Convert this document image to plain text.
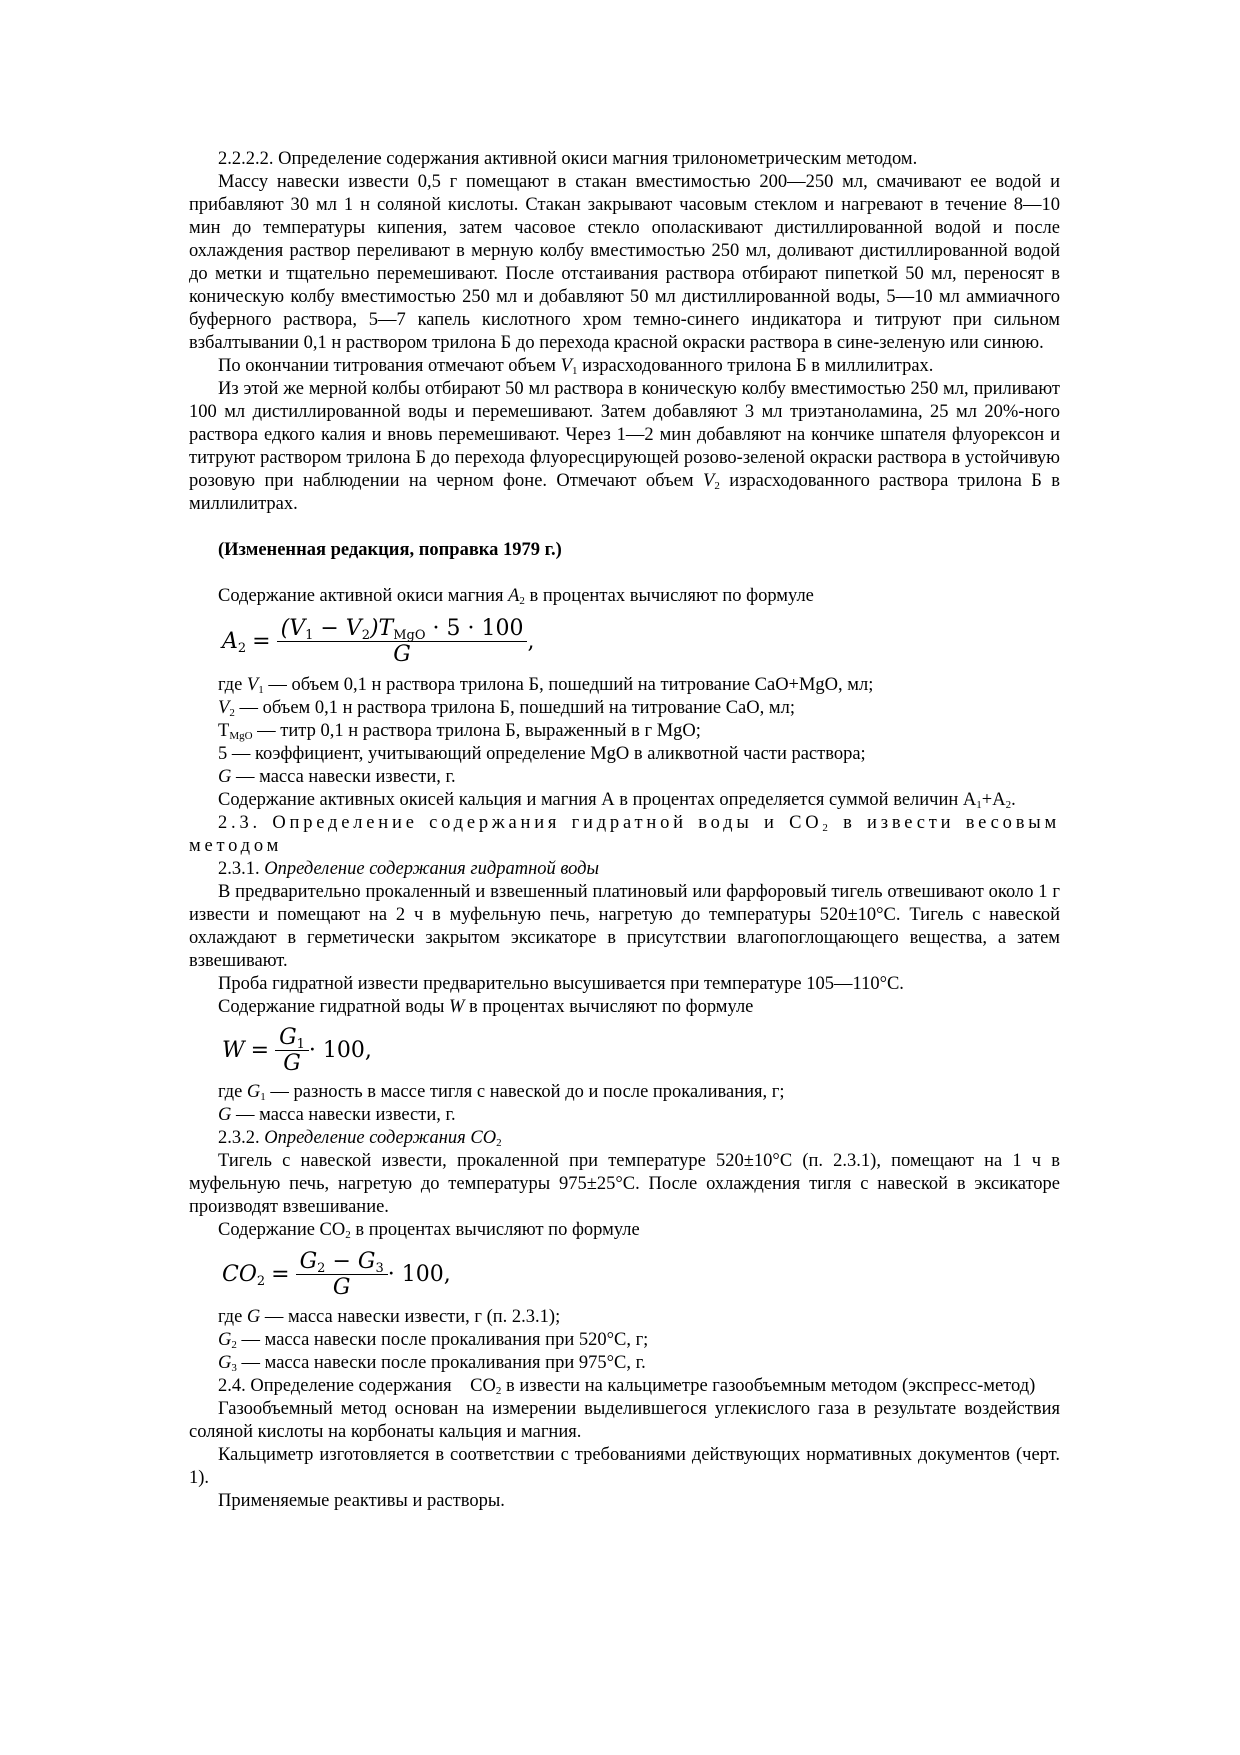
2.2.2.2. Определение содержания активной окиси магния трилонометрическим методом.

Массу навески извести 0,5 г помещают в стакан вместимостью 200—250 мл, смачивают ее водой и прибавляют 30 мл 1 н соляной кислоты. Стакан закрывают часовым стеклом и нагревают в течение 8—10 мин до температуры кипения, затем часовое стекло ополаскивают дистиллированной водой и после охлаждения раствор переливают в мерную колбу вместимостью 250 мл, доливают дистиллированной водой до метки и тщательно перемешивают. После отстаивания раствора отбирают пипеткой 50 мл, переносят в коническую колбу вместимостью 250 мл и добавляют 50 мл дистиллированной воды, 5—10 мл аммиачного буферного раствора, 5—7 капель кислотного хром темно-синего индикатора и титруют при сильном взбалтывании 0,1 н раствором трилона Б до перехода красной окраски раствора в сине-зеленую или синюю.

По окончании титрования отмечают объем $V_1$ израсходованного трилона Б в миллилитрах.

Из этой же мерной колбы отбирают 50 мл раствора в коническую колбу вместимостью 250 мл, приливают 100 мл дистиллированной воды и перемешивают. Затем добавляют 3 мл триэтаноламина, 25 мл 20%-ного раствора едкого калия и вновь перемешивают. Через 1—2 мин добавляют на кончике шпателя флуорексон и титруют раствором трилона Б до перехода флуоресцирующей розово-зеленой окраски раствора в устойчивую розовую при наблюдении на черном фоне. Отмечают объем $V_2$ израсходованного раствора трилона Б в миллилитрах.

(Измененная редакция, поправка 1979 г.)

Содержание активной окиси магния $A_2$ в процентах вычисляют по формуле

$A_2 = \frac{(V_1 - V_2)T_{MgO} \cdot 5 \cdot 100}{G}$ ,

где $V_1$ — объем 0,1 н раствора трилона Б, пошедший на титрование CaO+MgO, мл;

$V_2$ — объем 0,1 н раствора трилона Б, пошедший на титрование CaO, мл;

$Т_{MgO}$ — титр 0,1 н раствора трилона Б, выраженный в г MgO;

5 — коэффициент, учитывающий определение MgO в аликвотной части раствора;

G — масса навески извести, г.

Содержание активных окисей кальция и магния А в процентах определяется суммой величин $А_1+А_2$.

2.3. Определение содержания гидратной воды и $CO_2$ в извести весовым методом

2.3.1. Определение содержания гидратной воды

В предварительно прокаленный и взвешенный платиновый или фарфоровый тигель отвешивают около 1 г извести и помещают на 2 ч в муфельную печь, нагретую до температуры 520±10°С. Тигель с навеской охлаждают в герметически закрытом эксикаторе в присутствии влагопоглощающего вещества, а затем взвешивают.

Проба гидратной извести предварительно высушивается при температуре 105—110°С.

Содержание гидратной воды W в процентах вычисляют по формуле

$W = \frac{G_1}{G} \cdot 100$,

где $G_1$ — разность в массе тигля с навеской до и после прокаливания, г;

G — масса навески извести, г.

2.3.2. Определение содержания $CO_2$

Тигель с навеской извести, прокаленной при температуре 520±10°С (п. 2.3.1), помещают на 1 ч в муфельную печь, нагретую до температуры 975±25°С. После охлаждения тигля с навеской в эксикаторе производят взвешивание.

Содержание $CO_2$ в процентах вычисляют по формуле

$CO_2 = \frac{G_2 - G_3}{G} \cdot 100$,

где G — масса навески извести, г (п. 2.3.1);

$G_2$ — масса навески после прокаливания при 520°С, г;

$G_3$ — масса навески после прокаливания при 975°С, г.

2.4. Определение содержания    $CO_2$ в извести на кальциметре газообъемным методом (экспресс-метод)

Газообъемный метод основан на измерении выделившегося углекислого газа в результате воздействия соляной кислоты на корбонаты кальция и магния.

Кальциметр изготовляется в соответствии с требованиями действующих нормативных документов (черт. 1).

Применяемые реактивы и растворы.
